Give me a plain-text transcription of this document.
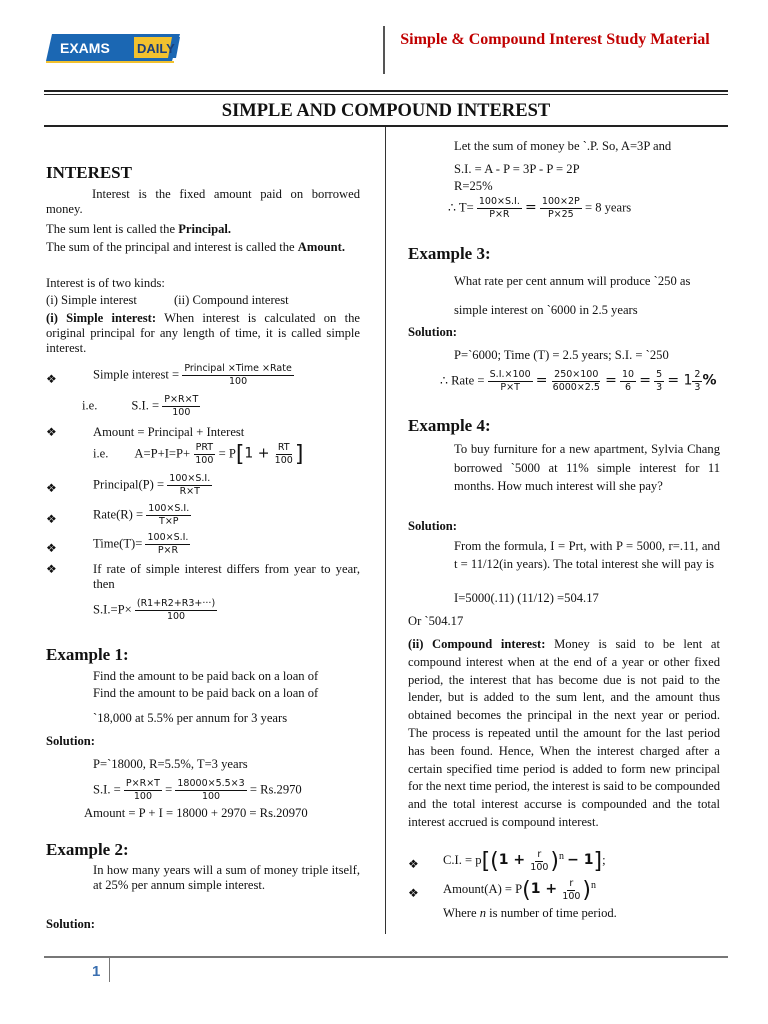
EXAMS DAILY
Simple & Compound Interest Study Material
SIMPLE AND COMPOUND INTEREST
INTEREST
Interest is the fixed amount paid on borrowed money.
The sum lent is called the Principal.
The sum of the principal and interest is called the Amount.
Interest is of two kinds:
(i) Simple interest	(ii) Compound interest
(i) Simple interest: When interest is calculated on the original principal for any length of time, it is called simple interest.
❖	Simple interest = $\frac{\text{Principal ×Time ×Rate}}{100}$
i.e.	S.I. = $\frac{P\times R\times T}{100}$
❖	Amount = Principal + Interest
i.e. $A=P+I=P+ \frac{\text{PRT}}{100} = P[1 + \frac{RT}{100}$ ]
❖	Principal(P) = $\frac{100\times S.I.}{R\times T}$
❖	Rate(R) = $\frac{100\times S.I.}{T\times P}$
❖	Time(T)= $\frac{100\times S.I.}{P\times R}$
❖	If rate of simple interest differs from year to year, then
$S.I.=P\times \frac{(R1+R2+R3+\cdot\cdot\cdot)}{100}$
Example 1:
Find the amount to be paid back on a loan of
Find the amount to be paid back on a loan of
`18,000 at 5.5% per annum for 3 years
Solution:
P=`18000, R=5.5%, T=3 years
S.I. = $\frac{P\times R\times T}{100} = \frac{18000\times 5.5\times 3}{100} = Rs.2970$
Amount = P + I = 18000 + 2970 = Rs.20970
Example 2:
In how many years will a sum of money triple itself, at 25% per annum simple interest.
Solution:
Let the sum of money be `.P. So, A=3P and
S.I. = A - P = 3P - P = 2P
R=25%
∴ $T= \frac{100\times S.I.}{P\times R} = \frac{100\times 2P}{P\times 25} = 8$ years
Example 3:
What rate per cent annum will produce `250 as
simple interest on `6000 in 2.5 years
Solution:
P=`6000; Time (T) = 2.5 years; S.I. = `250
∴ Rate = $\frac{S.I.\times 100}{P\times T} = \frac{250\times 100}{6000\times 2.5} = \frac{10}{6} = \frac{5}{3} = 1 \frac{2}{3}$ %
Example 4:
To buy furniture for a new apartment, Sylvia Chang borrowed `5000 at 11% simple interest for 11 months. How much interest will she pay?
Solution:
From the formula, I = Prt, with P = 5000, r=.11, and t = 11/12(in years). The total interest she will pay is
I=5000(.11) (11/12) =504.17
Or `504.17
(ii) Compound interest: Money is said to be lent at compound interest when at the end of a year or other fixed period, the interest that has become due is not paid to the lender, but is added to the sum lent, and the amount thus obtained becomes the principal in the next year or period. The process is repeated until the amount for the last period has been found. Hence, When the interest charged after a certain specified time period is added to form new principal for the next time period, the interest is said to be compounded and the total interest accurse is compounded and the total interest accrued is compound interest.
❖ C.I. = $p[(1 + \frac{r}{100} )^n - 1]$;
❖ Amount(A) = $P(1 + \frac{r}{100} )^n$
Where n is number of time period.
1
